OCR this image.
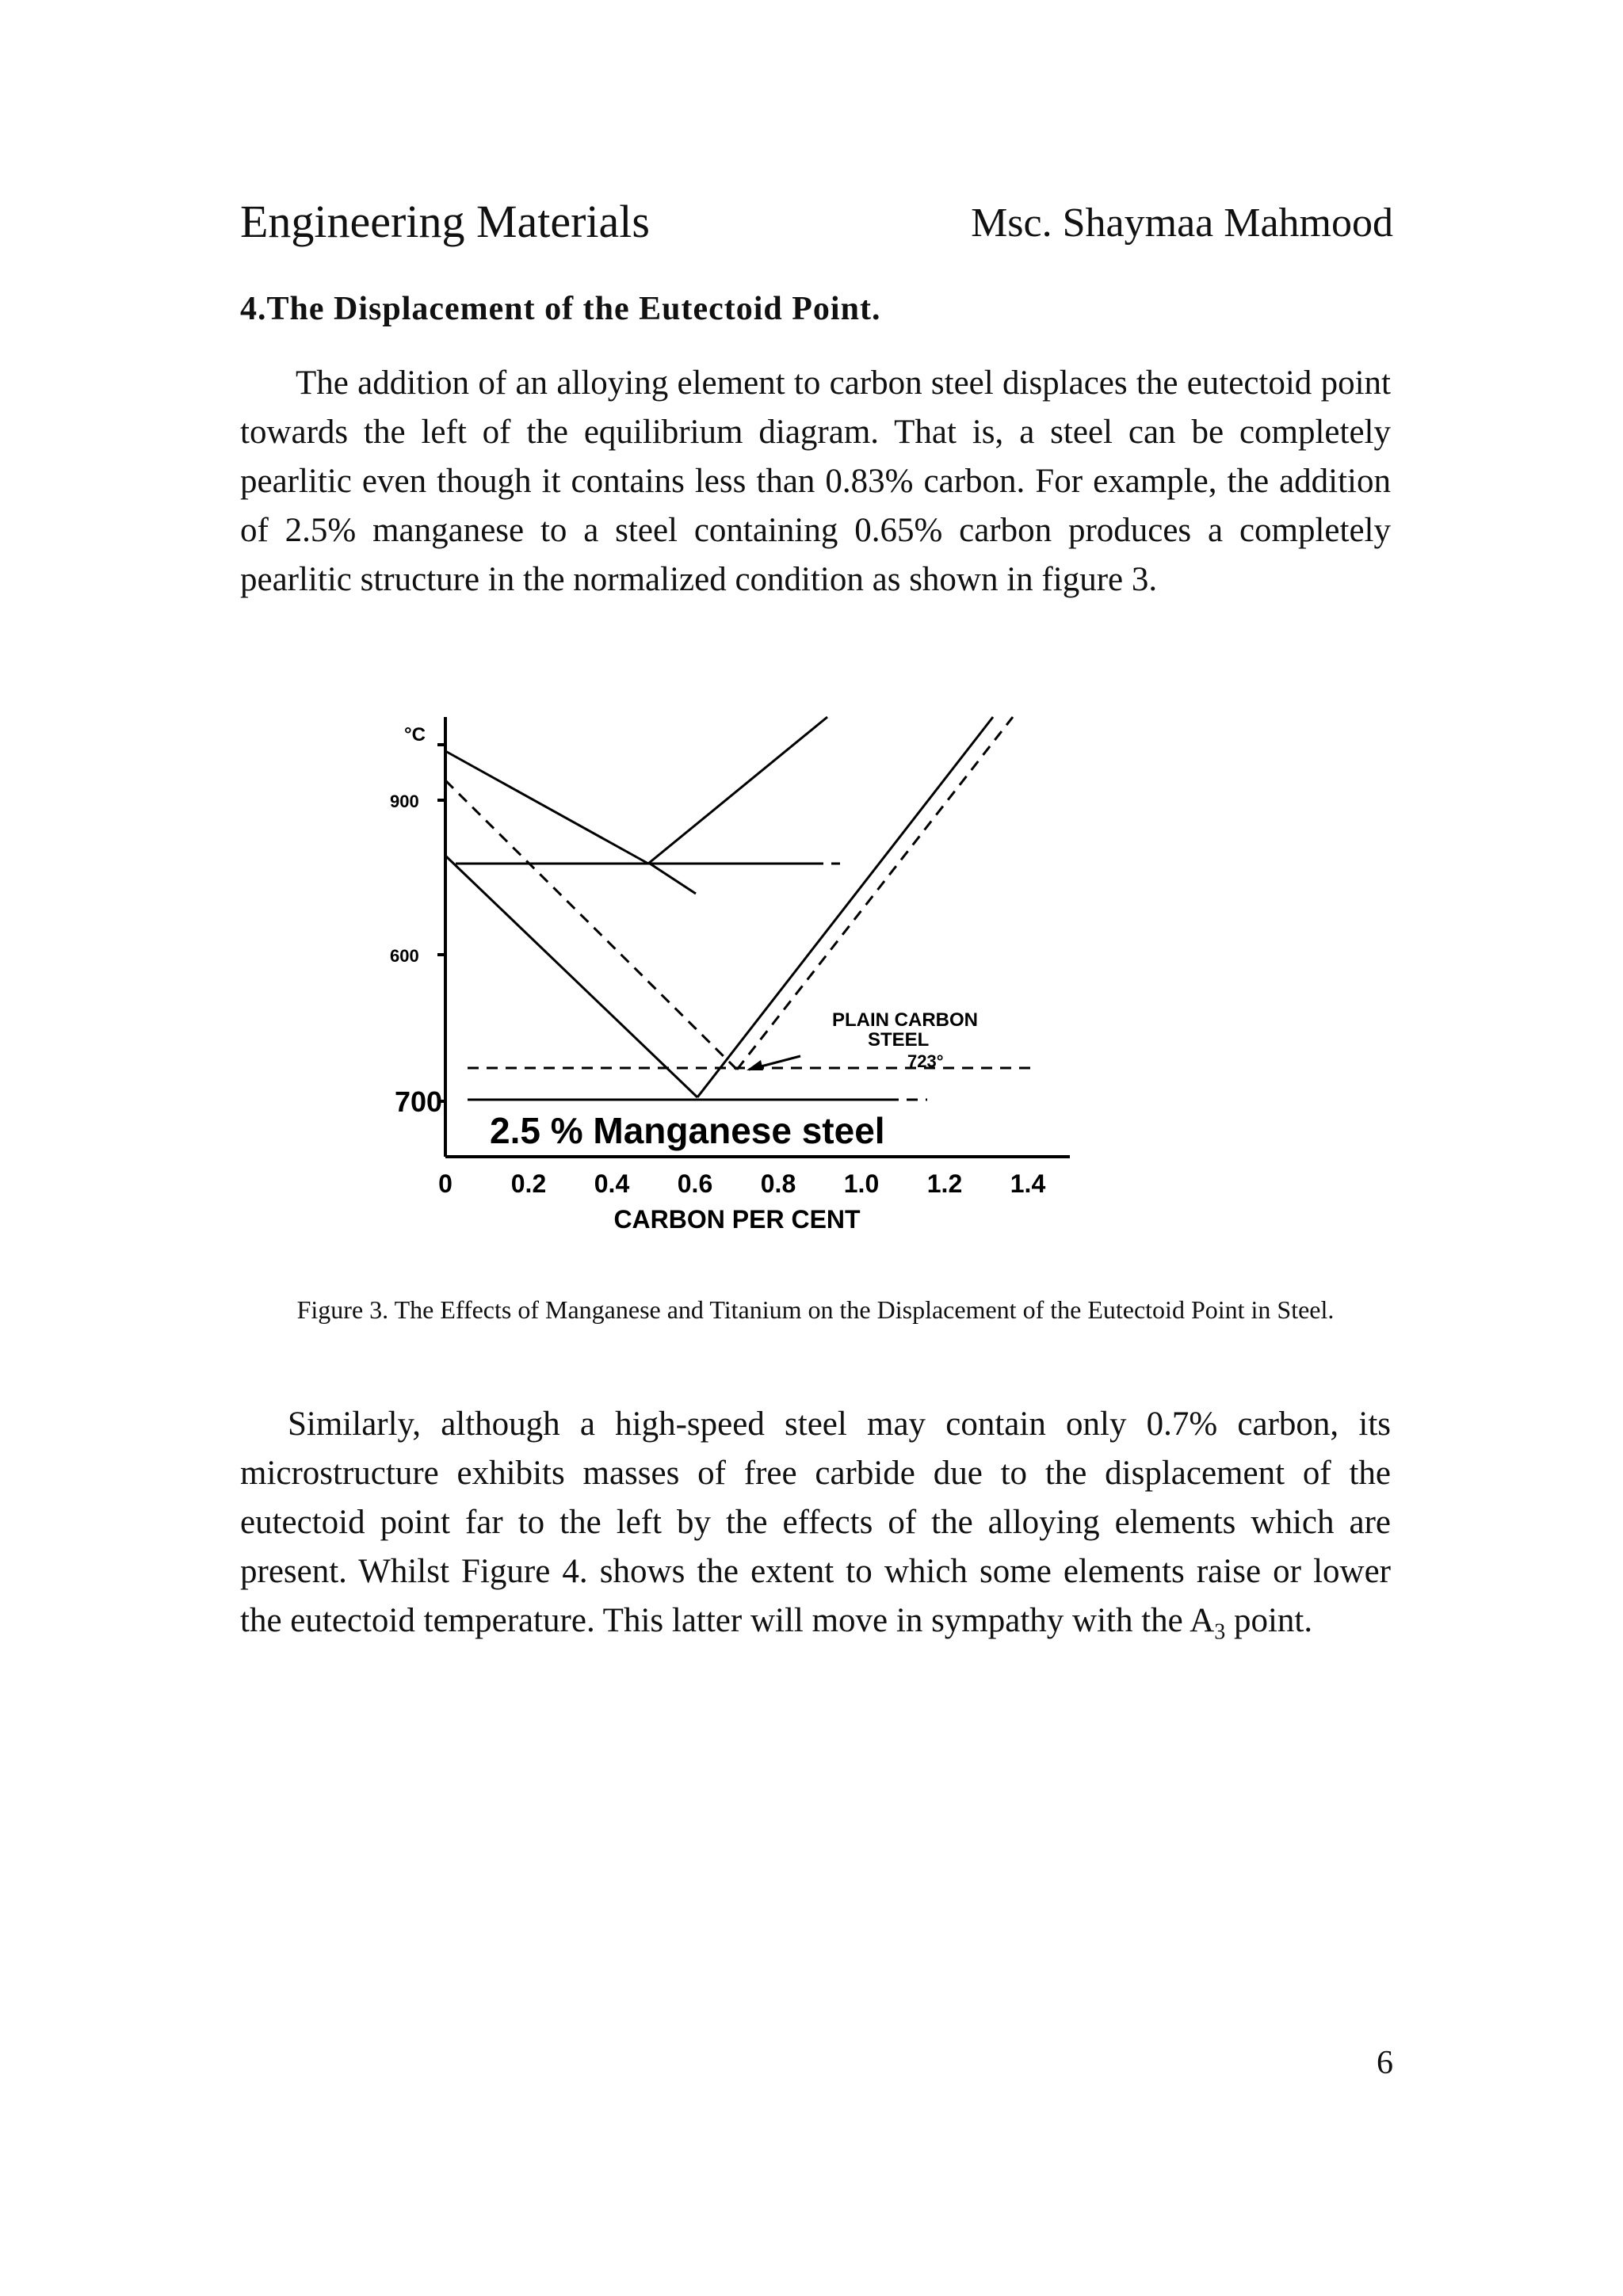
Engineering Materials	Msc. Shaymaa Mahmood
4.The Displacement of the Eutectoid Point.
The addition of an alloying element to carbon steel displaces the eutectoid point towards the left of the equilibrium diagram. That is, a steel can be completely pearlitic even though it contains less than 0.83% carbon. For example, the addition of 2.5% manganese to a steel containing 0.65% carbon produces a completely pearlitic structure in the normalized condition as shown in figure 3.
°C
900
600
700
PLAIN CARBON
STEEL
723°
2.5 % Manganese steel
0 0.2 0.4 0.6 0.8 1.0 1.2 1.4
CARBON PER CENT
Figure 3. The Effects of Manganese and Titanium on the Displacement of the Eutectoid Point in Steel.
Similarly, although a high-speed steel may contain only 0.7% carbon, its microstructure exhibits masses of free carbide due to the displacement of the eutectoid point far to the left by the effects of the alloying elements which are present. Whilst Figure 4. shows the extent to which some elements raise or lower the eutectoid temperature. This latter will move in sympathy with the $A_3$ point.
6
